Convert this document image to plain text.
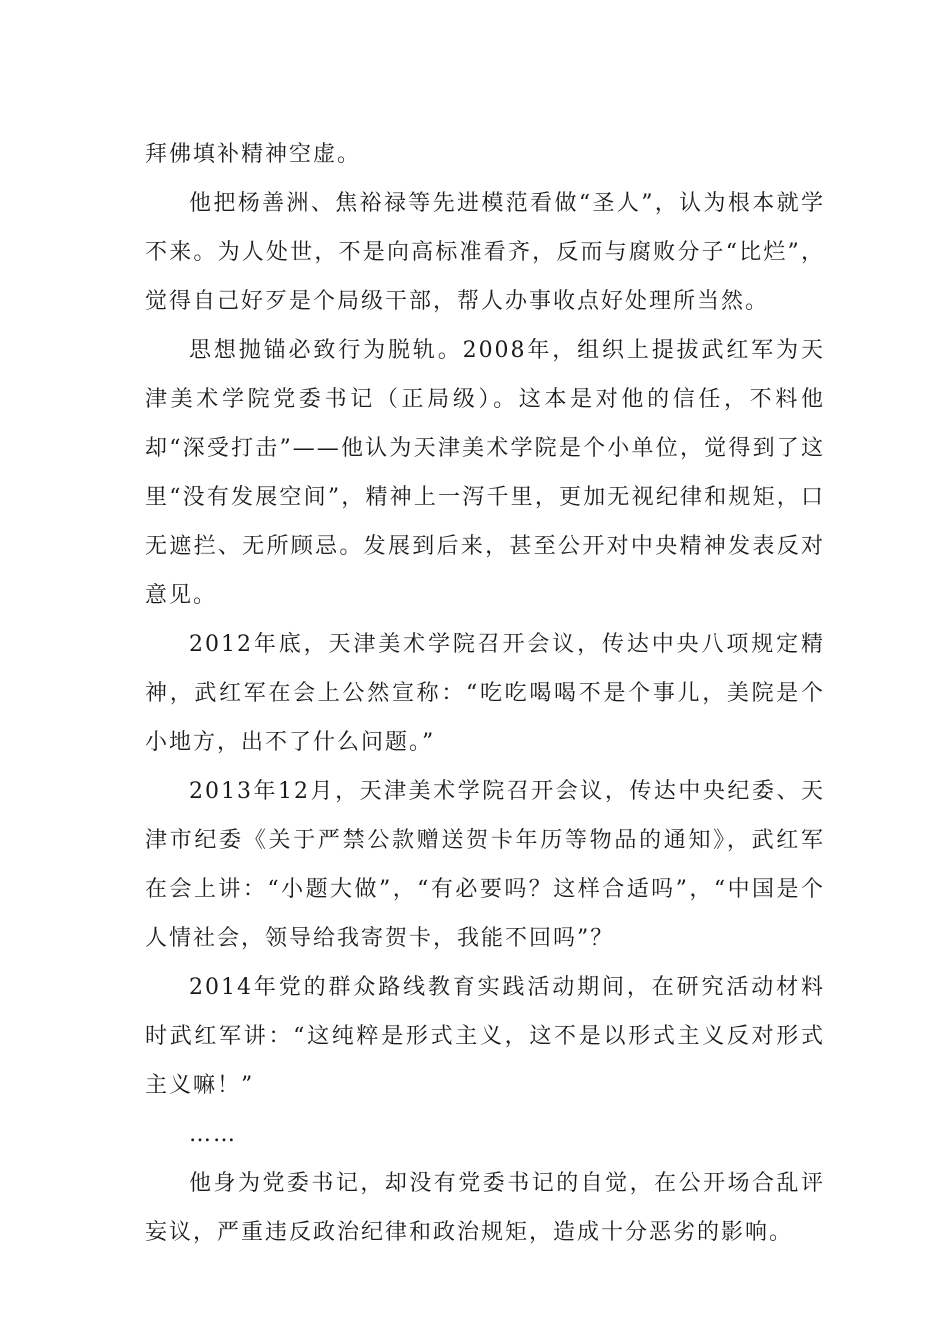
拜佛填补精神空虚。

他把杨善洲、焦裕禄等先进模范看做“圣人”，认为根本就学不来。为人处世，不是向高标准看齐，反而与腐败分子“比烂”，觉得自己好歹是个局级干部，帮人办事收点好处理所当然。

思想抛锚必致行为脱轨。2008年，组织上提拔武红军为天津美术学院党委书记（正局级）。这本是对他的信任，不料他却“深受打击”——他认为天津美术学院是个小单位，觉得到了这里“没有发展空间”，精神上一泻千里，更加无视纪律和规矩，口无遮拦、无所顾忌。发展到后来，甚至公开对中央精神发表反对意见。

2012年底，天津美术学院召开会议，传达中央八项规定精神，武红军在会上公然宣称：“吃吃喝喝不是个事儿，美院是个小地方，出不了什么问题。”

2013年12月，天津美术学院召开会议，传达中央纪委、天津市纪委《关于严禁公款赠送贺卡年历等物品的通知》，武红军在会上讲：“小题大做”，“有必要吗？这样合适吗”，“中国是个人情社会，领导给我寄贺卡，我能不回吗”？

2014年党的群众路线教育实践活动期间，在研究活动材料时武红军讲：“这纯粹是形式主义，这不是以形式主义反对形式主义嘛！”

……

他身为党委书记，却没有党委书记的自觉，在公开场合乱评妄议，严重违反政治纪律和政治规矩，造成十分恶劣的影响。
